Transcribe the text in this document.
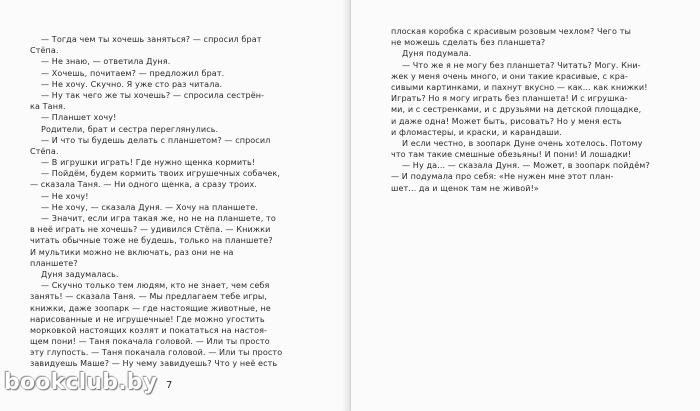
— Тогда чем ты хочешь заняться? — спросил брат
Стёпа.
— Не знаю, — ответила Дуня.
— Хочешь, почитаем? — предложил брат.
— Не хочу. Скучно. Я уже сто раз читала.
— Ну так чего же ты хочешь? — спросила сестрён-
ка Таня.
— Планшет хочу!
Родители, брат и сестра переглянулись.
— И что ты будешь делать с планшетом? — спросил
Стёпа.
— В игрушки играть! Где нужно щенка кормить!
— Пойдём, будем кормить твоих игрушечных собачек,
— сказала Таня. — Ни одного щенка, а сразу троих.
— Не хочу!
— Не хочу, — сказала Дуня. — Хочу на планшете.
— Значит, если игра такая же, но не на планшете, то
в неё играть не хочешь? — удивился Стёпа. — Книжки
читать обычные тоже не будешь, только на планшете?
И мультики можно не включать, раз они не на
планшете?
Дуня задумалась.
— Скучно только тем людям, кто не знает, чем себя
занять! — сказала Таня. — Мы предлагаем тебе игры,
книжки, даже зоопарк — где настоящие животные, не
нарисованные и не игрушечные! Где можно угостить
морковкой настоящих козлят и покататься на настоя-
щем пони! — Таня покачала головой. — Или ты просто
эту глупость. — Таня покачала головой. — Или ты просто
завидуешь Маше? — Ну чему завидуешь? Что у неё есть
7
bookclub.by
плоская коробка с красивым розовым чехлом? Чего ты
не можешь сделать без планшета?
Дуня подумала.
— Что же я не могу без планшета? Читать? Могу. Кни-
жек у меня очень много, и они такие красивые, с кра-
сивыми картинками, и пахнут вкусно — как... как книжки!
Играть? Но я могу играть без планшета! И с игрушка-
ми, и с сестренками, и с друзьями на детской площадке,
и даже одна! Может быть, рисовать? Но у меня есть
и фломастеры, и краски, и карандаши.
И если честно, в зоопарк Дуне очень хотелось. Потому
что там такие смешные обезьяны! И пони! И лошадки!
— Ну да... — сказала Дуня. — Может, в зоопарк пойдём?
— И подумала про себя: «Не нужен мне этот план-
шет... да и щенок там не живой!»
